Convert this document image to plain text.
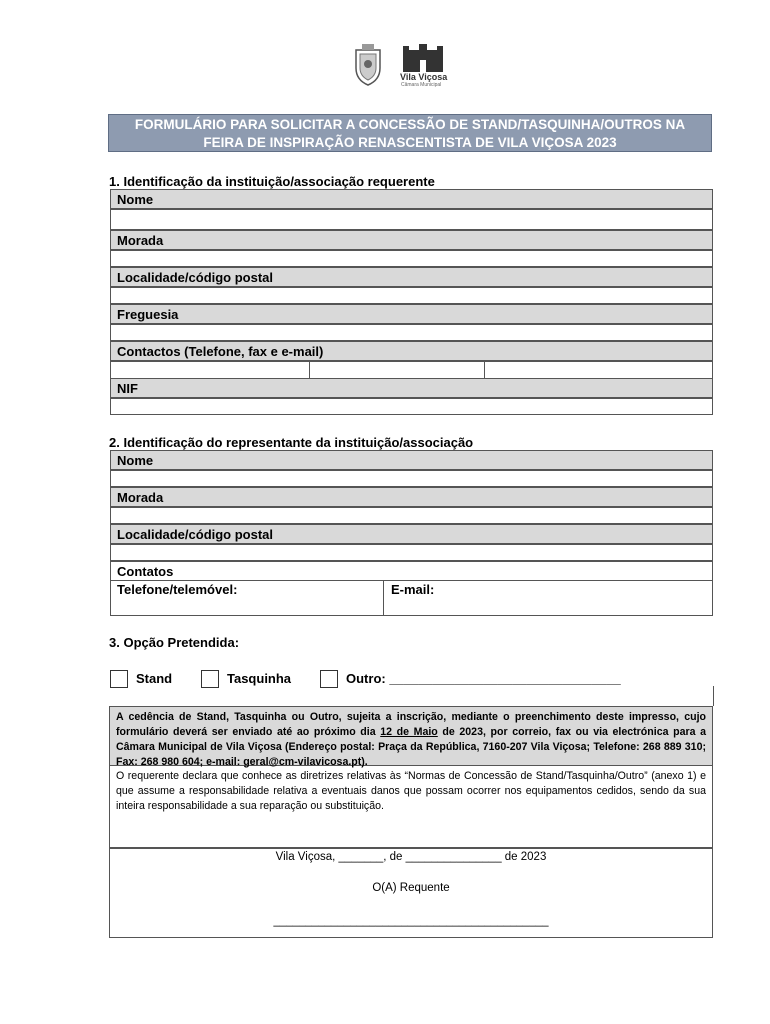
Vila Viçosa
Câmara Municipal
FORMULÁRIO PARA SOLICITAR A CONCESSÃO DE STAND/TASQUINHA/OUTROS NA
FEIRA DE INSPIRAÇÃO RENASCENTISTA DE VILA VIÇOSA 2023
1. Identificação da instituição/associação requerente
Nome
Morada
Localidade/código postal
Freguesia
Contactos (Telefone, fax e e-mail)
NIF
2. Identificação do representante da instituição/associação
Nome
Morada
Localidade/código postal
Contatos
Telefone/telemóvel:	E-mail:
3. Opção Pretendida:
Stand	Tasquinha	Outro: ________________________________
A cedência de Stand, Tasquinha ou Outro, sujeita a inscrição, mediante o preenchimento deste impresso, cujo formulário deverá ser enviado até ao próximo dia 12 de Maio de 2023, por correio, fax ou via electrónica para a Câmara Municipal de Vila Viçosa (Endereço postal: Praça da República, 7160-207 Vila Viçosa; Telefone: 268 889 310; Fax: 268 980 604; e-mail: geral@cm-vilavicosa.pt).
O requerente declara que conhece as diretrizes relativas às “Normas de Concessão de Stand/Tasquinha/Outro” (anexo 1) e que assume a responsabilidade relativa a eventuais danos que possam ocorrer nos equipamentos cedidos, sendo da sua inteira responsabilidade a sua reparação ou substituição.
Vila Viçosa, _______, de _______________ de 2023
O(A) Requente
___________________________________________
